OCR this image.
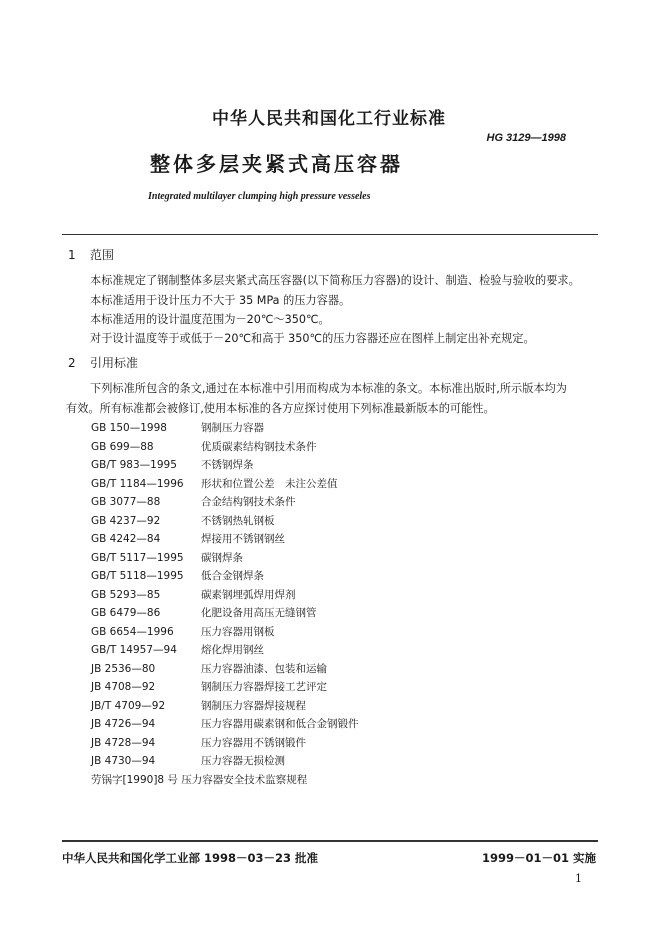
中华人民共和国化工行业标准
HG 3129—1998
整体多层夹紧式高压容器
Integrated multilayer clumping high pressure vesseles
1 范围
本标准规定了钢制整体多层夹紧式高压容器(以下简称压力容器)的设计、制造、检验与验收的要求。
本标准适用于设计压力不大于 35 MPa 的压力容器。
本标准适用的设计温度范围为－20℃～350℃。
对于设计温度等于或低于－20℃和高于 350℃的压力容器还应在图样上制定出补充规定。
2 引用标准
下列标准所包含的条文,通过在本标准中引用而构成为本标准的条文。本标准出版时,所示版本均为
有效。所有标准都会被修订,使用本标准的各方应探讨使用下列标准最新版本的可能性。
GB 150—1998	钢制压力容器
GB 699—88	优质碳素结构钢技术条件
GB/T 983—1995 不锈钢焊条
GB/T 1184—1996 形状和位置公差　未注公差值
GB 3077—88	合金结构钢技术条件
GB 4237—92	不锈钢热轧钢板
GB 4242—84	焊接用不锈钢钢丝
GB/T 5117—1995 碳钢焊条
GB/T 5118—1995 低合金钢焊条
GB 5293—85	碳素钢埋弧焊用焊剂
GB 6479—86	化肥设备用高压无缝钢管
GB 6654—1996	压力容器用钢板
GB/T 14957—94 熔化焊用钢丝
JB 2536—80	压力容器油漆、包装和运输
JB 4708—92	钢制压力容器焊接工艺评定
JB/T 4709—92	钢制压力容器焊接规程
JB 4726—94	压力容器用碳素钢和低合金钢锻件
JB 4728—94	压力容器用不锈钢锻件
JB 4730—94	压力容器无损检测
劳锅字[1990]8 号 压力容器安全技术监察规程
中华人民共和国化学工业部 1998－03－23 批准	1999－01－01 实施
1
